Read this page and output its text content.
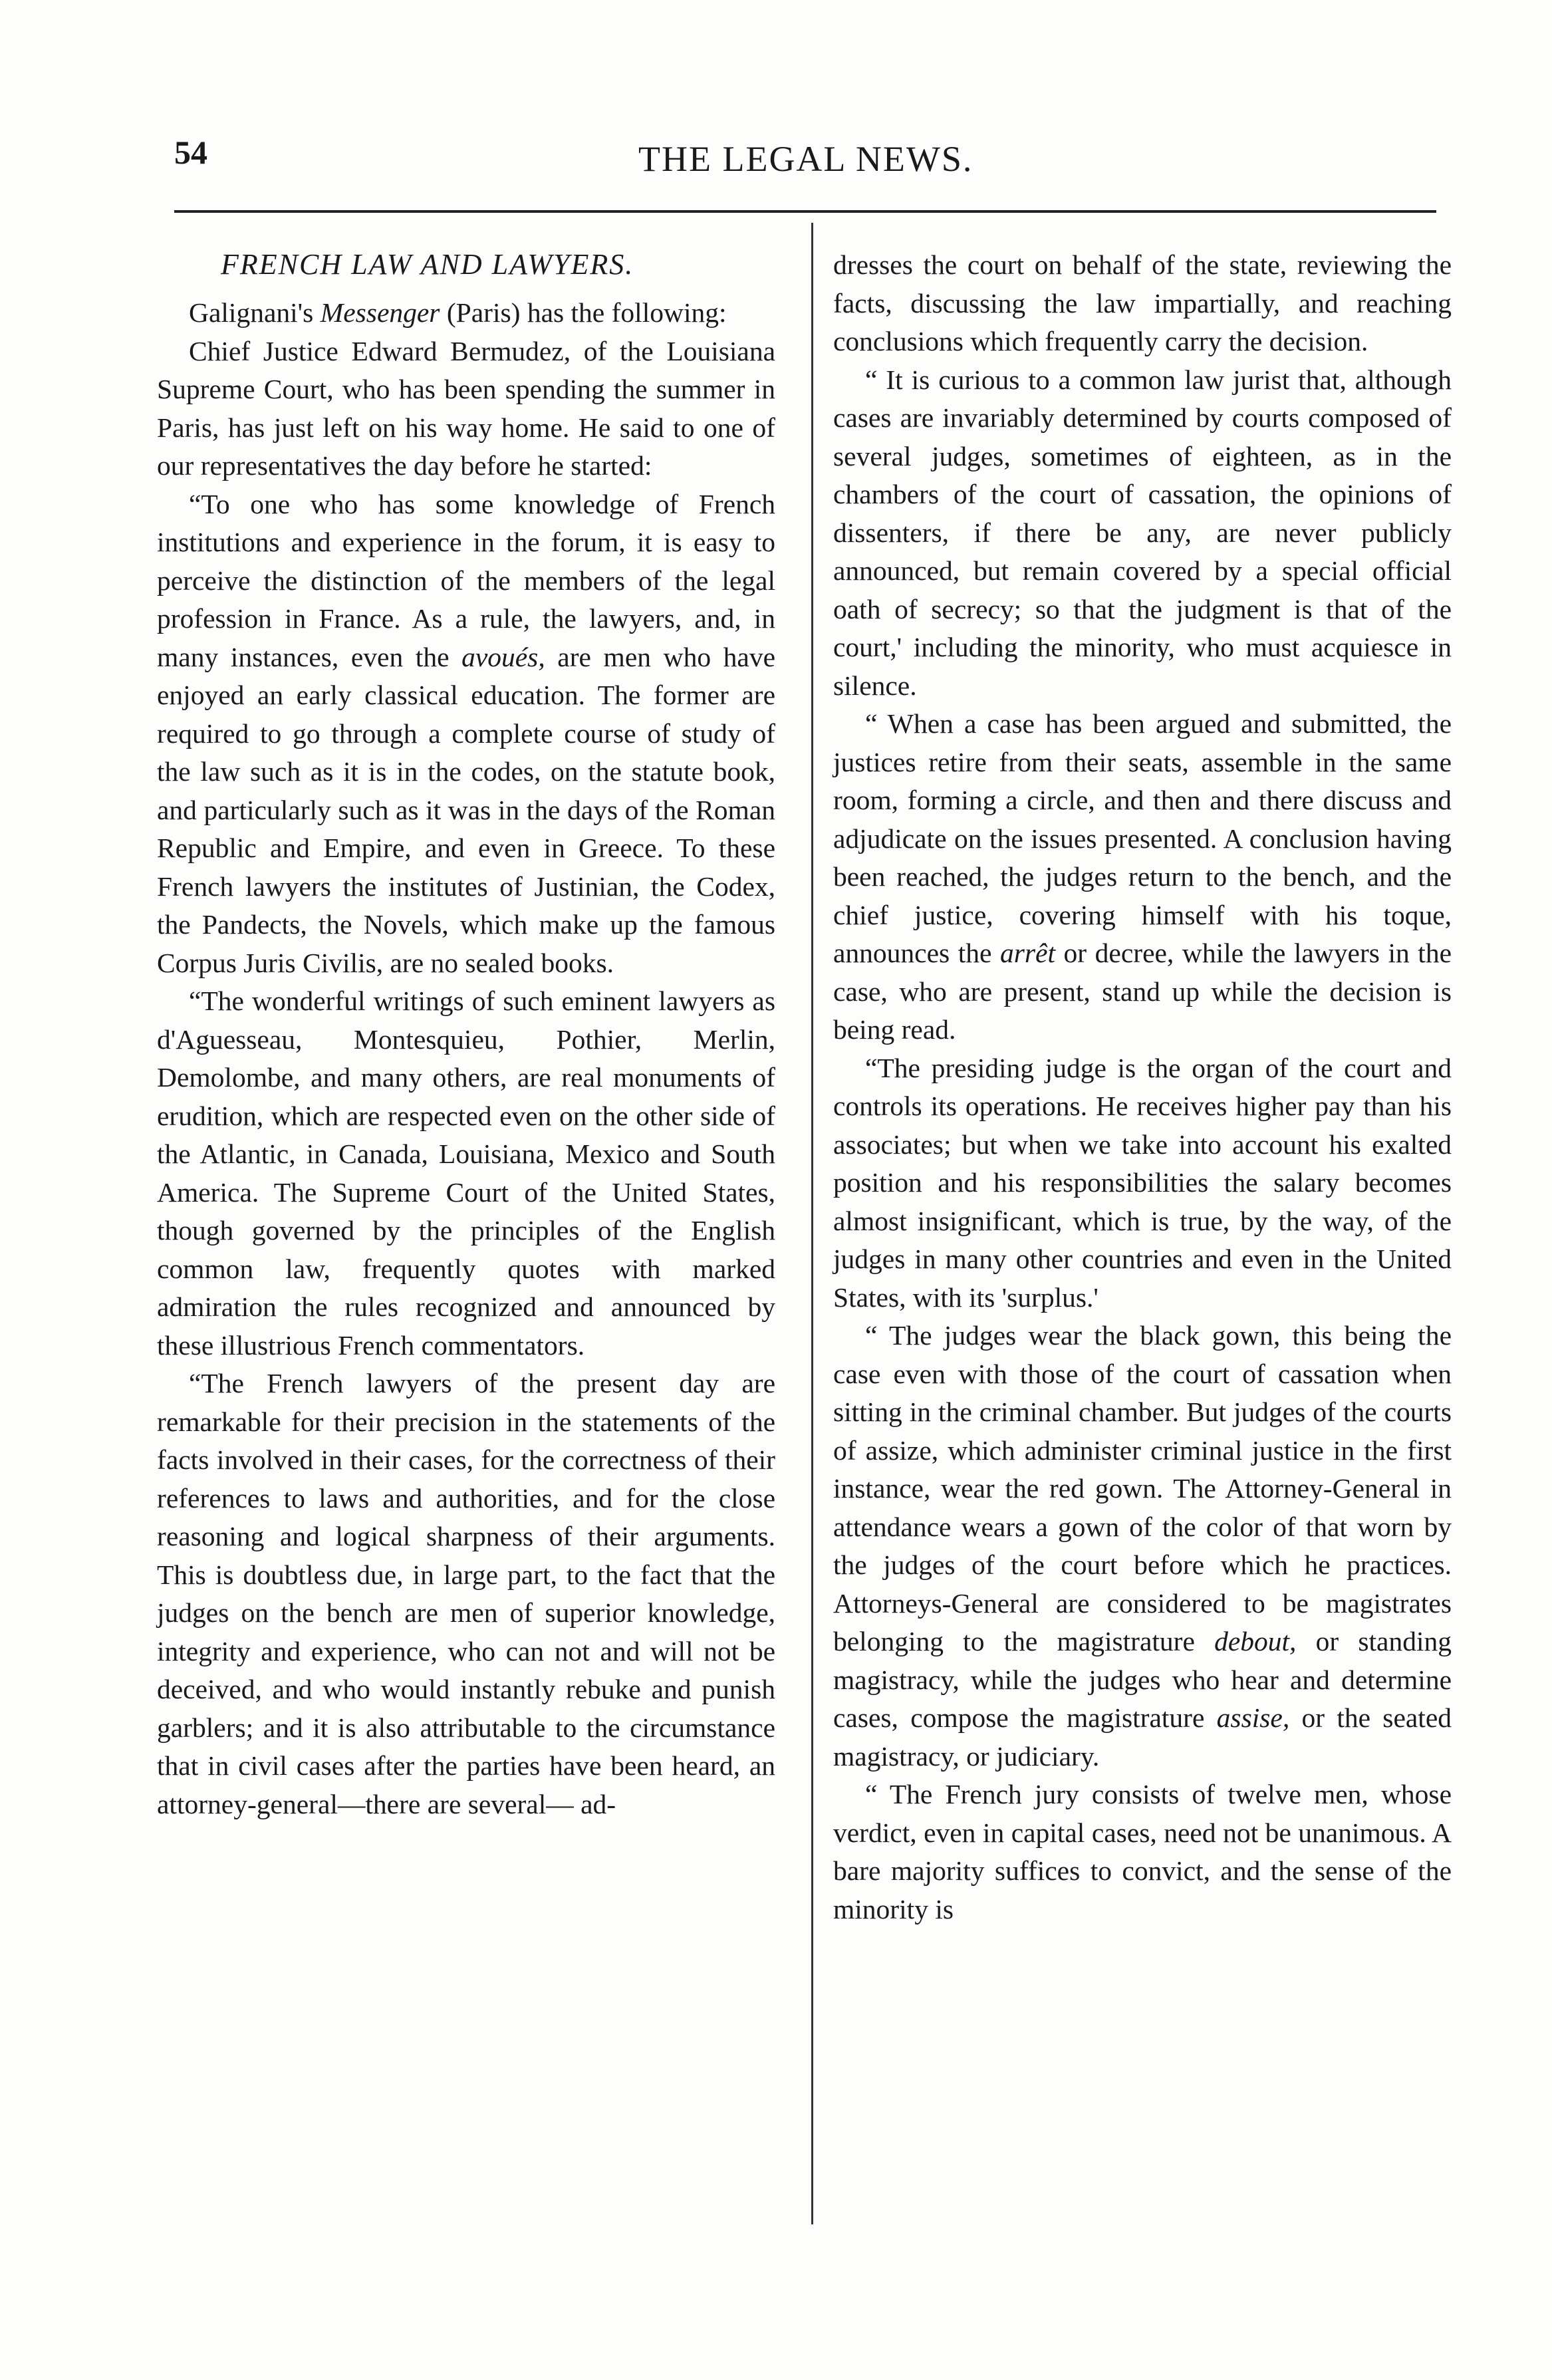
54	THE LEGAL NEWS.
FRENCH LAW AND LAWYERS.

Galignani's Messenger (Paris) has the following:

Chief Justice Edward Bermudez, of the Louisiana Supreme Court, who has been spending the summer in Paris, has just left on his way home. He said to one of our representatives the day before he started:

“To one who has some knowledge of French institutions and experience in the forum, it is easy to perceive the distinction of the members of the legal profession in France. As a rule, the lawyers, and, in many instances, even the avoués, are men who have enjoyed an early classical education. The former are required to go through a complete course of study of the law such as it is in the codes, on the statute book, and particularly such as it was in the days of the Roman Republic and Empire, and even in Greece. To these French lawyers the institutes of Justinian, the Codex, the Pandects, the Novels, which make up the famous Corpus Juris Civilis, are no sealed books.

“The wonderful writings of such eminent lawyers as d'Aguesseau, Montesquieu, Pothier, Merlin, Demolombe, and many others, are real monuments of erudition, which are respected even on the other side of the Atlantic, in Canada, Louisiana, Mexico and South America. The Supreme Court of the United States, though governed by the principles of the English common law, frequently quotes with marked admiration the rules recognized and announced by these illustrious French commentators.

“The French lawyers of the present day are remarkable for their precision in the statements of the facts involved in their cases, for the correctness of their references to laws and authorities, and for the close reasoning and logical sharpness of their arguments. This is doubtless due, in large part, to the fact that the judges on the bench are men of superior knowledge, integrity and experience, who can not and will not be deceived, and who would instantly rebuke and punish garblers; and it is also attributable to the circumstance that in civil cases after the parties have been heard, an attorney-general—there are several— ad-

dresses the court on behalf of the state, reviewing the facts, discussing the law impartially, and reaching conclusions which frequently carry the decision.

“ It is curious to a common law jurist that, although cases are invariably determined by courts composed of several judges, sometimes of eighteen, as in the chambers of the court of cassation, the opinions of dissenters, if there be any, are never publicly announced, but remain covered by a special official oath of secrecy; so that the judgment is that of the court,' including the minority, who must acquiesce in silence.

“ When a case has been argued and submitted, the justices retire from their seats, assemble in the same room, forming a circle, and then and there discuss and adjudicate on the issues presented. A conclusion having been reached, the judges return to the bench, and the chief justice, covering himself with his toque, announces the arrêt or decree, while the lawyers in the case, who are present, stand up while the decision is being read.

“The presiding judge is the organ of the court and controls its operations. He receives higher pay than his associates; but when we take into account his exalted position and his responsibilities the salary becomes almost insignificant, which is true, by the way, of the judges in many other countries and even in the United States, with its 'surplus.'

“ The judges wear the black gown, this being the case even with those of the court of cassation when sitting in the criminal chamber. But judges of the courts of assize, which administer criminal justice in the first instance, wear the red gown. The Attorney-General in attendance wears a gown of the color of that worn by the judges of the court before which he practices. Attorneys-General are considered to be magistrates belonging to the magistrature debout, or standing magistracy, while the judges who hear and determine cases, compose the magistrature assise, or the seated magistracy, or judiciary.

“ The French jury consists of twelve men, whose verdict, even in capital cases, need not be unanimous. A bare majority suffices to convict, and the sense of the minority is
